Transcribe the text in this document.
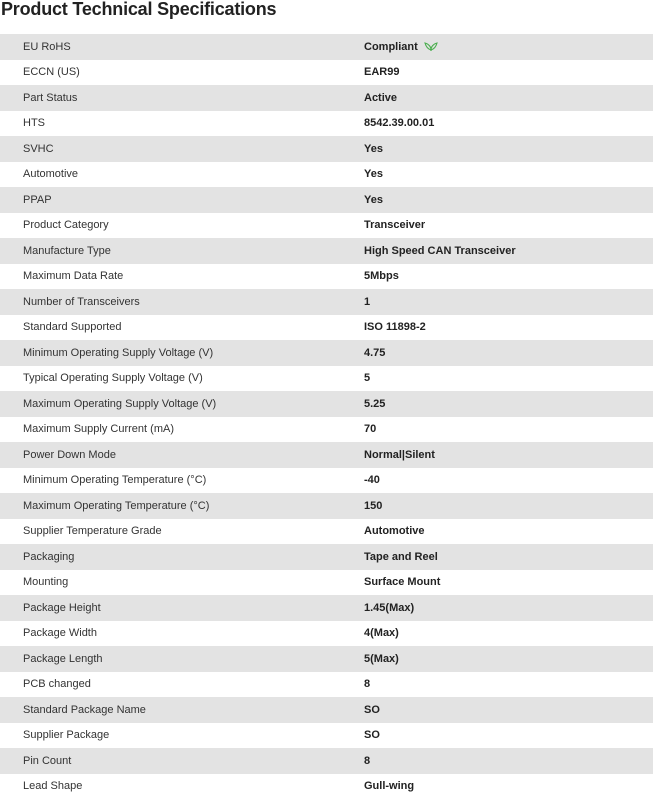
Product Technical Specifications
EU RoHS	Compliant
ECCN (US)	EAR99
Part Status	Active
HTS	8542.39.00.01
SVHC	Yes
Automotive	Yes
PPAP	Yes
Product Category	Transceiver
Manufacture Type	High Speed CAN Transceiver
Maximum Data Rate	5Mbps
Number of Transceivers	1
Standard Supported	ISO 11898-2
Minimum Operating Supply Voltage (V)	4.75
Typical Operating Supply Voltage (V)	5
Maximum Operating Supply Voltage (V)	5.25
Maximum Supply Current (mA)	70
Power Down Mode	Normal|Silent
Minimum Operating Temperature (°C)	-40
Maximum Operating Temperature (°C)	150
Supplier Temperature Grade	Automotive
Packaging	Tape and Reel
Mounting	Surface Mount
Package Height	1.45(Max)
Package Width	4(Max)
Package Length	5(Max)
PCB changed	8
Standard Package Name	SO
Supplier Package	SO
Pin Count	8
Lead Shape	Gull-wing
